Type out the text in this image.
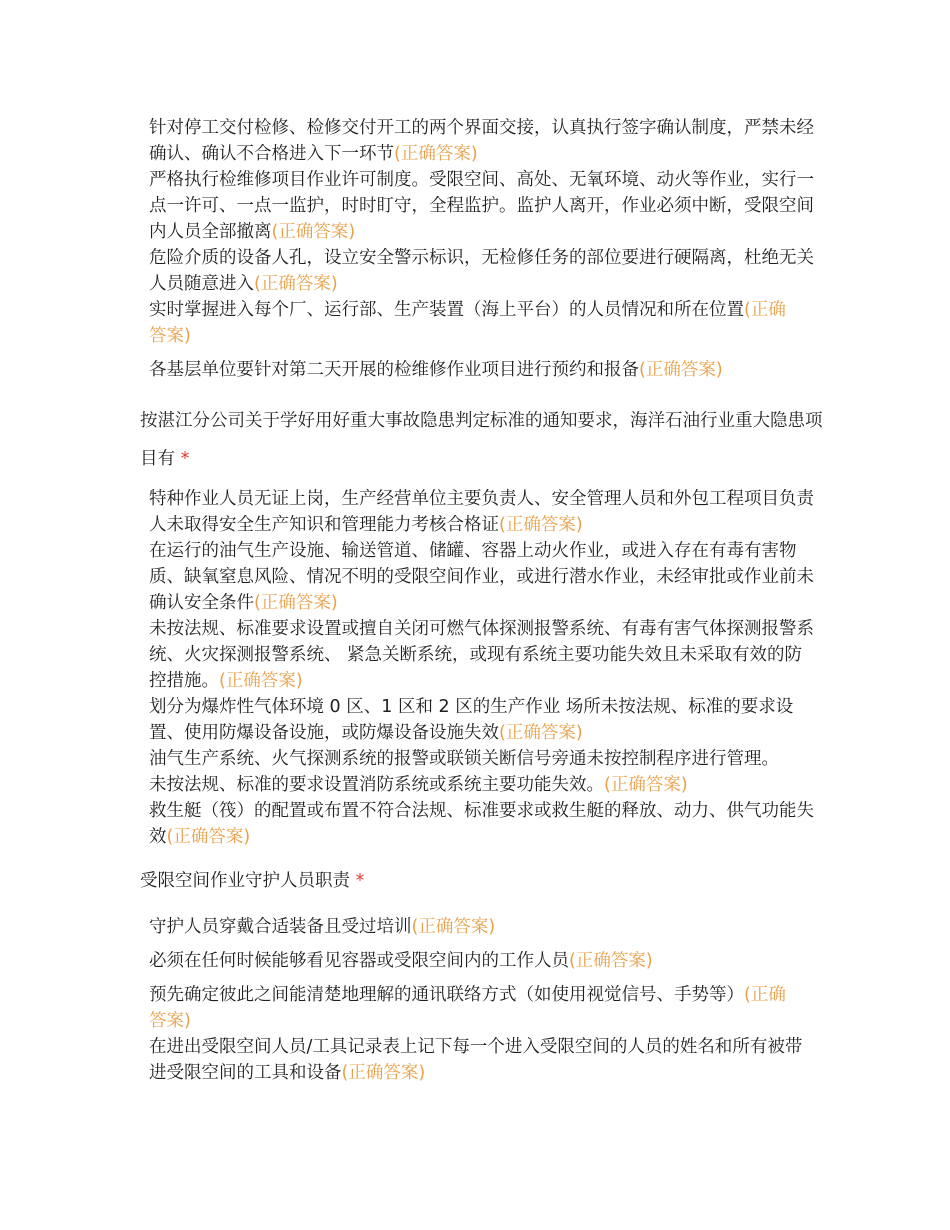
针对停工交付检修、检修交付开工的两个界面交接，认真执行签字确认制度，严禁未经确认、确认不合格进入下一环节(正确答案)

严格执行检维修项目作业许可制度。受限空间、高处、无氧环境、动火等作业，实行一点一许可、一点一监护，时时盯守，全程监护。监护人离开，作业必须中断，受限空间内人员全部撤离(正确答案)

危险介质的设备人孔，设立安全警示标识，无检修任务的部位要进行硬隔离，杜绝无关人员随意进入(正确答案)

实时掌握进入每个厂、运行部、生产装置（海上平台）的人员情况和所在位置(正确答案)

各基层单位要针对第二天开展的检维修作业项目进行预约和报备(正确答案)

按湛江分公司关于学好用好重大事故隐患判定标准的通知要求，海洋石油行业重大隐患项目有 *

特种作业人员无证上岗，生产经营单位主要负责人、安全管理人员和外包工程项目负责人未取得安全生产知识和管理能力考核合格证(正确答案)

在运行的油气生产设施、输送管道、储罐、容器上动火作业，或进入存在有毒有害物质、缺氧窒息风险、情况不明的受限空间作业，或进行潜水作业，未经审批或作业前未确认安全条件(正确答案)

未按法规、标准要求设置或擅自关闭可燃气体探测报警系统、有毒有害气体探测报警系统、火灾探测报警系统、 紧急关断系统，或现有系统主要功能失效且未采取有效的防控措施。(正确答案)

划分为爆炸性气体环境 0 区、1 区和 2 区的生产作业 场所未按法规、标准的要求设置、使用防爆设备设施，或防爆设备设施失效(正确答案)

油气生产系统、火气探测系统的报警或联锁关断信号旁通未按控制程序进行管理。未按法规、标准的要求设置消防系统或系统主要功能失效。(正确答案)

救生艇（筏）的配置或布置不符合法规、标准要求或救生艇的释放、动力、供气功能失效(正确答案)

受限空间作业守护人员职责 *

守护人员穿戴合适装备且受过培训(正确答案)

必须在任何时候能够看见容器或受限空间内的工作人员(正确答案)

预先确定彼此之间能清楚地理解的通讯联络方式（如使用视觉信号、手势等）(正确答案)

在进出受限空间人员/工具记录表上记下每一个进入受限空间的人员的姓名和所有被带进受限空间的工具和设备(正确答案)
